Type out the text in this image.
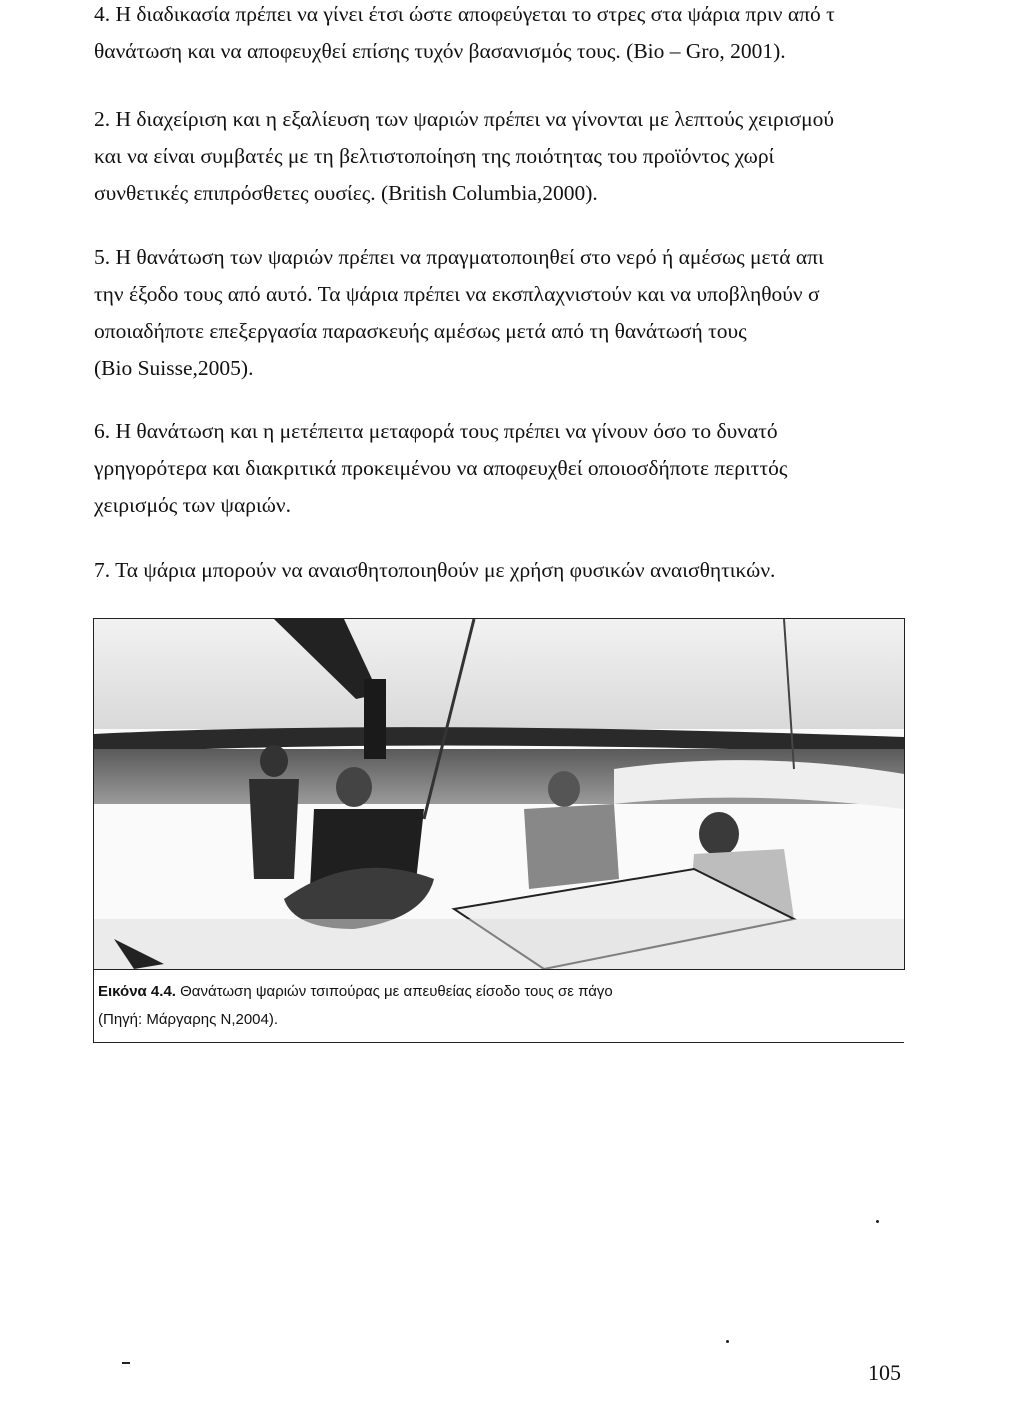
4. Η διαδικασία πρέπει να γίνει έτσι ώστε αποφεύγεται το στρες στα ψάρια πριν από τ
θανάτωση και να αποφευχθεί επίσης τυχόν βασανισμός τους. (Bio – Gro, 2001).
2. Η διαχείριση και η εξαλίευση των ψαριών πρέπει να γίνονται με λεπτούς χειρισμού
και να είναι συμβατές με τη βελτιστοποίηση της ποιότητας του προϊόντος χωρί
συνθετικές επιπρόσθετες ουσίες. (British Columbia,2000).
5. Η θανάτωση των ψαριών πρέπει να πραγματοποιηθεί στο νερό ή αμέσως μετά απι
την έξοδο τους από αυτό. Τα ψάρια πρέπει να εκσπλαχνιστούν και να υποβληθούν σ
οποιαδήποτε επεξεργασία παρασκευής αμέσως μετά από τη θανάτωσή τους
(Bio Suisse,2005).
6. Η θανάτωση και η μετέπειτα μεταφορά τους πρέπει να γίνουν όσο το δυνατό
γρηγορότερα και διακριτικά προκειμένου να αποφευχθεί οποιοσδήποτε περιττός
χειρισμός των ψαριών.
7. Τα ψάρια μπορούν να αναισθητοποιηθούν με χρήση φυσικών αναισθητικών.
Εικόνα 4.4. Θανάτωση ψαριών τσιπούρας με απευθείας είσοδο τους σε πάγο
(Πηγή: Μάργαρης Ν,2004).
105
